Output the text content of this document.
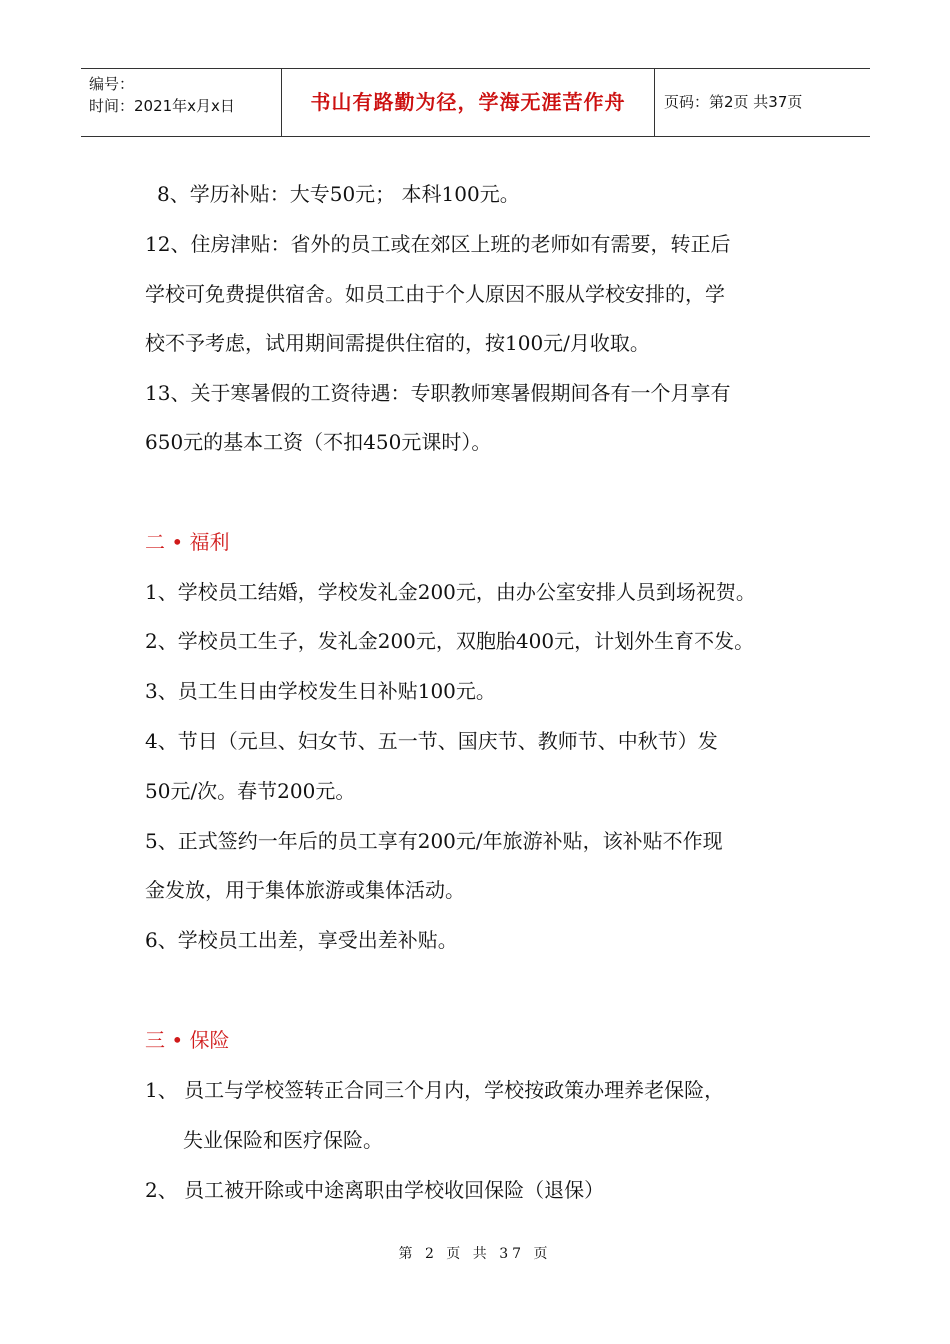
编号：
时间：2021年x月x日	书山有路勤为径，学海无涯苦作舟	页码：第2页 共37页

8、学历补贴：大专50元； 本科100元。

12、住房津贴：省外的员工或在郊区上班的老师如有需要，转正后

学校可免费提供宿舍。如员工由于个人原因不服从学校安排的，学

校不予考虑，试用期间需提供住宿的，按100元/月收取。

13、关于寒暑假的工资待遇：专职教师寒暑假期间各有一个月享有

650元的基本工资（不扣450元课时）。

二 • 福利

1、学校员工结婚，学校发礼金200元，由办公室安排人员到场祝贺。

2、学校员工生子，发礼金200元，双胞胎400元，计划外生育不发。

3、员工生日由学校发生日补贴100元。

4、节日（元旦、妇女节、五一节、国庆节、教师节、中秋节）发

50元/次。春节200元。

5、正式签约一年后的员工享有200元/年旅游补贴，该补贴不作现

金发放，用于集体旅游或集体活动。

6、学校员工出差，享受出差补贴。

三 • 保险

1、 员工与学校签转正合同三个月内，学校按政策办理养老保险，

失业保险和医疗保险。

2、 员工被开除或中途离职由学校收回保险（退保）

第 2 页 共 37 页
